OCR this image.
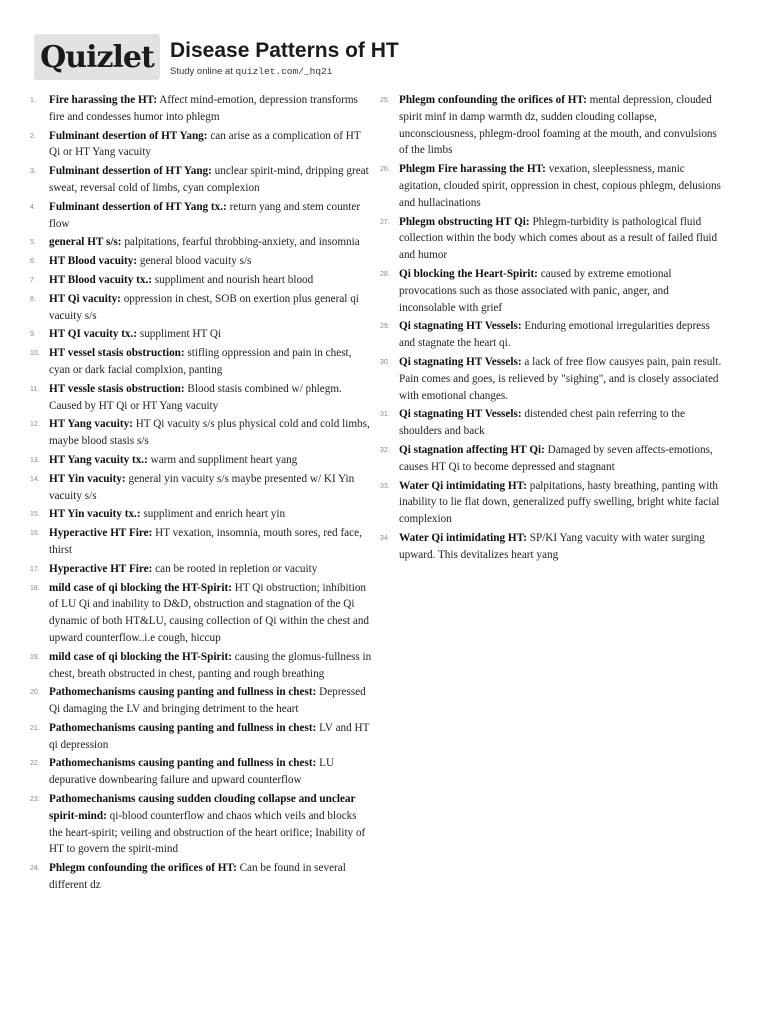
Quizlet Disease Patterns of HT
Study online at quizlet.com/_hq2i
1.	Fire harassing the HT: Affect mind-emotion, depression transforms fire and condesses humor into phlegm
2.	Fulminant desertion of HT Yang: can arise as a complication of HT Qi or HT Yang vacuity
3.	Fulminant dessertion of HT Yang: unclear spirit-mind, dripping great sweat, reversal cold of limbs, cyan complexion
4.	Fulminant dessertion of HT Yang tx.: return yang and stem counter flow
5.	general HT s/s: palpitations, fearful throbbing-anxiety, and insomnia
6.	HT Blood vacuity: general blood vacuity s/s
7.	HT Blood vacuity tx.: suppliment and nourish heart blood
8.	HT Qi vacuity: oppression in chest, SOB on exertion plus general qi vacuity s/s
9.	HT QI vacuity tx.: suppliment HT Qi
10. HT vessel stasis obstruction: stifling oppression and pain in chest, cyan or dark facial complxion, panting
11. HT vessle stasis obstruction: Blood stasis combined w/ phlegm. Caused by HT Qi or HT Yang vacuity
12. HT Yang vacuity: HT Qi vacuity s/s plus physical cold and cold limbs, maybe blood stasis s/s
13. HT Yang vacuity tx.: warm and suppliment heart yang
14. HT Yin vacuity: general yin vacuity s/s maybe presented w/ KI Yin vacuity s/s
15. HT Yin vacuity tx.: suppliment and enrich heart yin
16. Hyperactive HT Fire: HT vexation, insomnia, mouth sores, red face, thirst
17. Hyperactive HT Fire: can be rooted in repletion or vacuity
18. mild case of qi blocking the HT-Spirit: HT Qi obstruction; inhibition of LU Qi and inability to D&D, obstruction and stagnation of the Qi dynamic of both HT&LU, causing collection of Qi within the chest and upward counterflow..i.e cough, hiccup
19. mild case of qi blocking the HT-Spirit: causing the glomus-fullness in chest, breath obstructed in chest, panting and rough breathing
20. Pathomechanisms causing panting and fullness in chest: Depressed Qi damaging the LV and bringing detriment to the heart
21. Pathomechanisms causing panting and fullness in chest: LV and HT qi depression
22. Pathomechanisms causing panting and fullness in chest: LU depurative downbearing failure and upward counterflow
23. Pathomechanisms causing sudden clouding collapse and unclear spirit-mind: qi-blood counterflow and chaos which veils and blocks the heart-spirit; veiling and obstruction of the heart orifice; Inability of HT to govern the spirit-mind
24. Phlegm confounding the orifices of HT: Can be found in several different dz
25. Phlegm confounding the orifices of HT: mental depression, clouded spirit minf in damp warmth dz, sudden clouding collapse, unconsciousness, phlegm-drool foaming at the mouth, and convulsions of the limbs
26. Phlegm Fire harassing the HT: vexation, sleeplessness, manic agitation, clouded spirit, oppression in chest, copious phlegm, delusions and hullacinations
27. Phlegm obstructing HT Qi: Phlegm-turbidity is pathological fluid collection within the body which comes about as a result of failed fluid and humor
28. Qi blocking the Heart-Spirit: caused by extreme emotional provocations such as those associated with panic, anger, and inconsolable with grief
29. Qi stagnating HT Vessels: Enduring emotional irregularities depress and stagnate the heart qi.
30. Qi stagnating HT Vessels: a lack of free flow causyes pain, pain result. Pain comes and goes, is relieved by "sighing", and is closely associated with emotional changes.
31. Qi stagnating HT Vessels: distended chest pain referring to the shoulders and back
32. Qi stagnation affecting HT Qi: Damaged by seven affects-emotions, causes HT Qi to become depressed and stagnant
33. Water Qi intimidating HT: palpitations, hasty breathing, panting with inability to lie flat down, generalized puffy swelling, bright white facial complexion
34. Water Qi intimidating HT: SP/KI Yang vacuity with water surging upward. This devitalizes heart yang
